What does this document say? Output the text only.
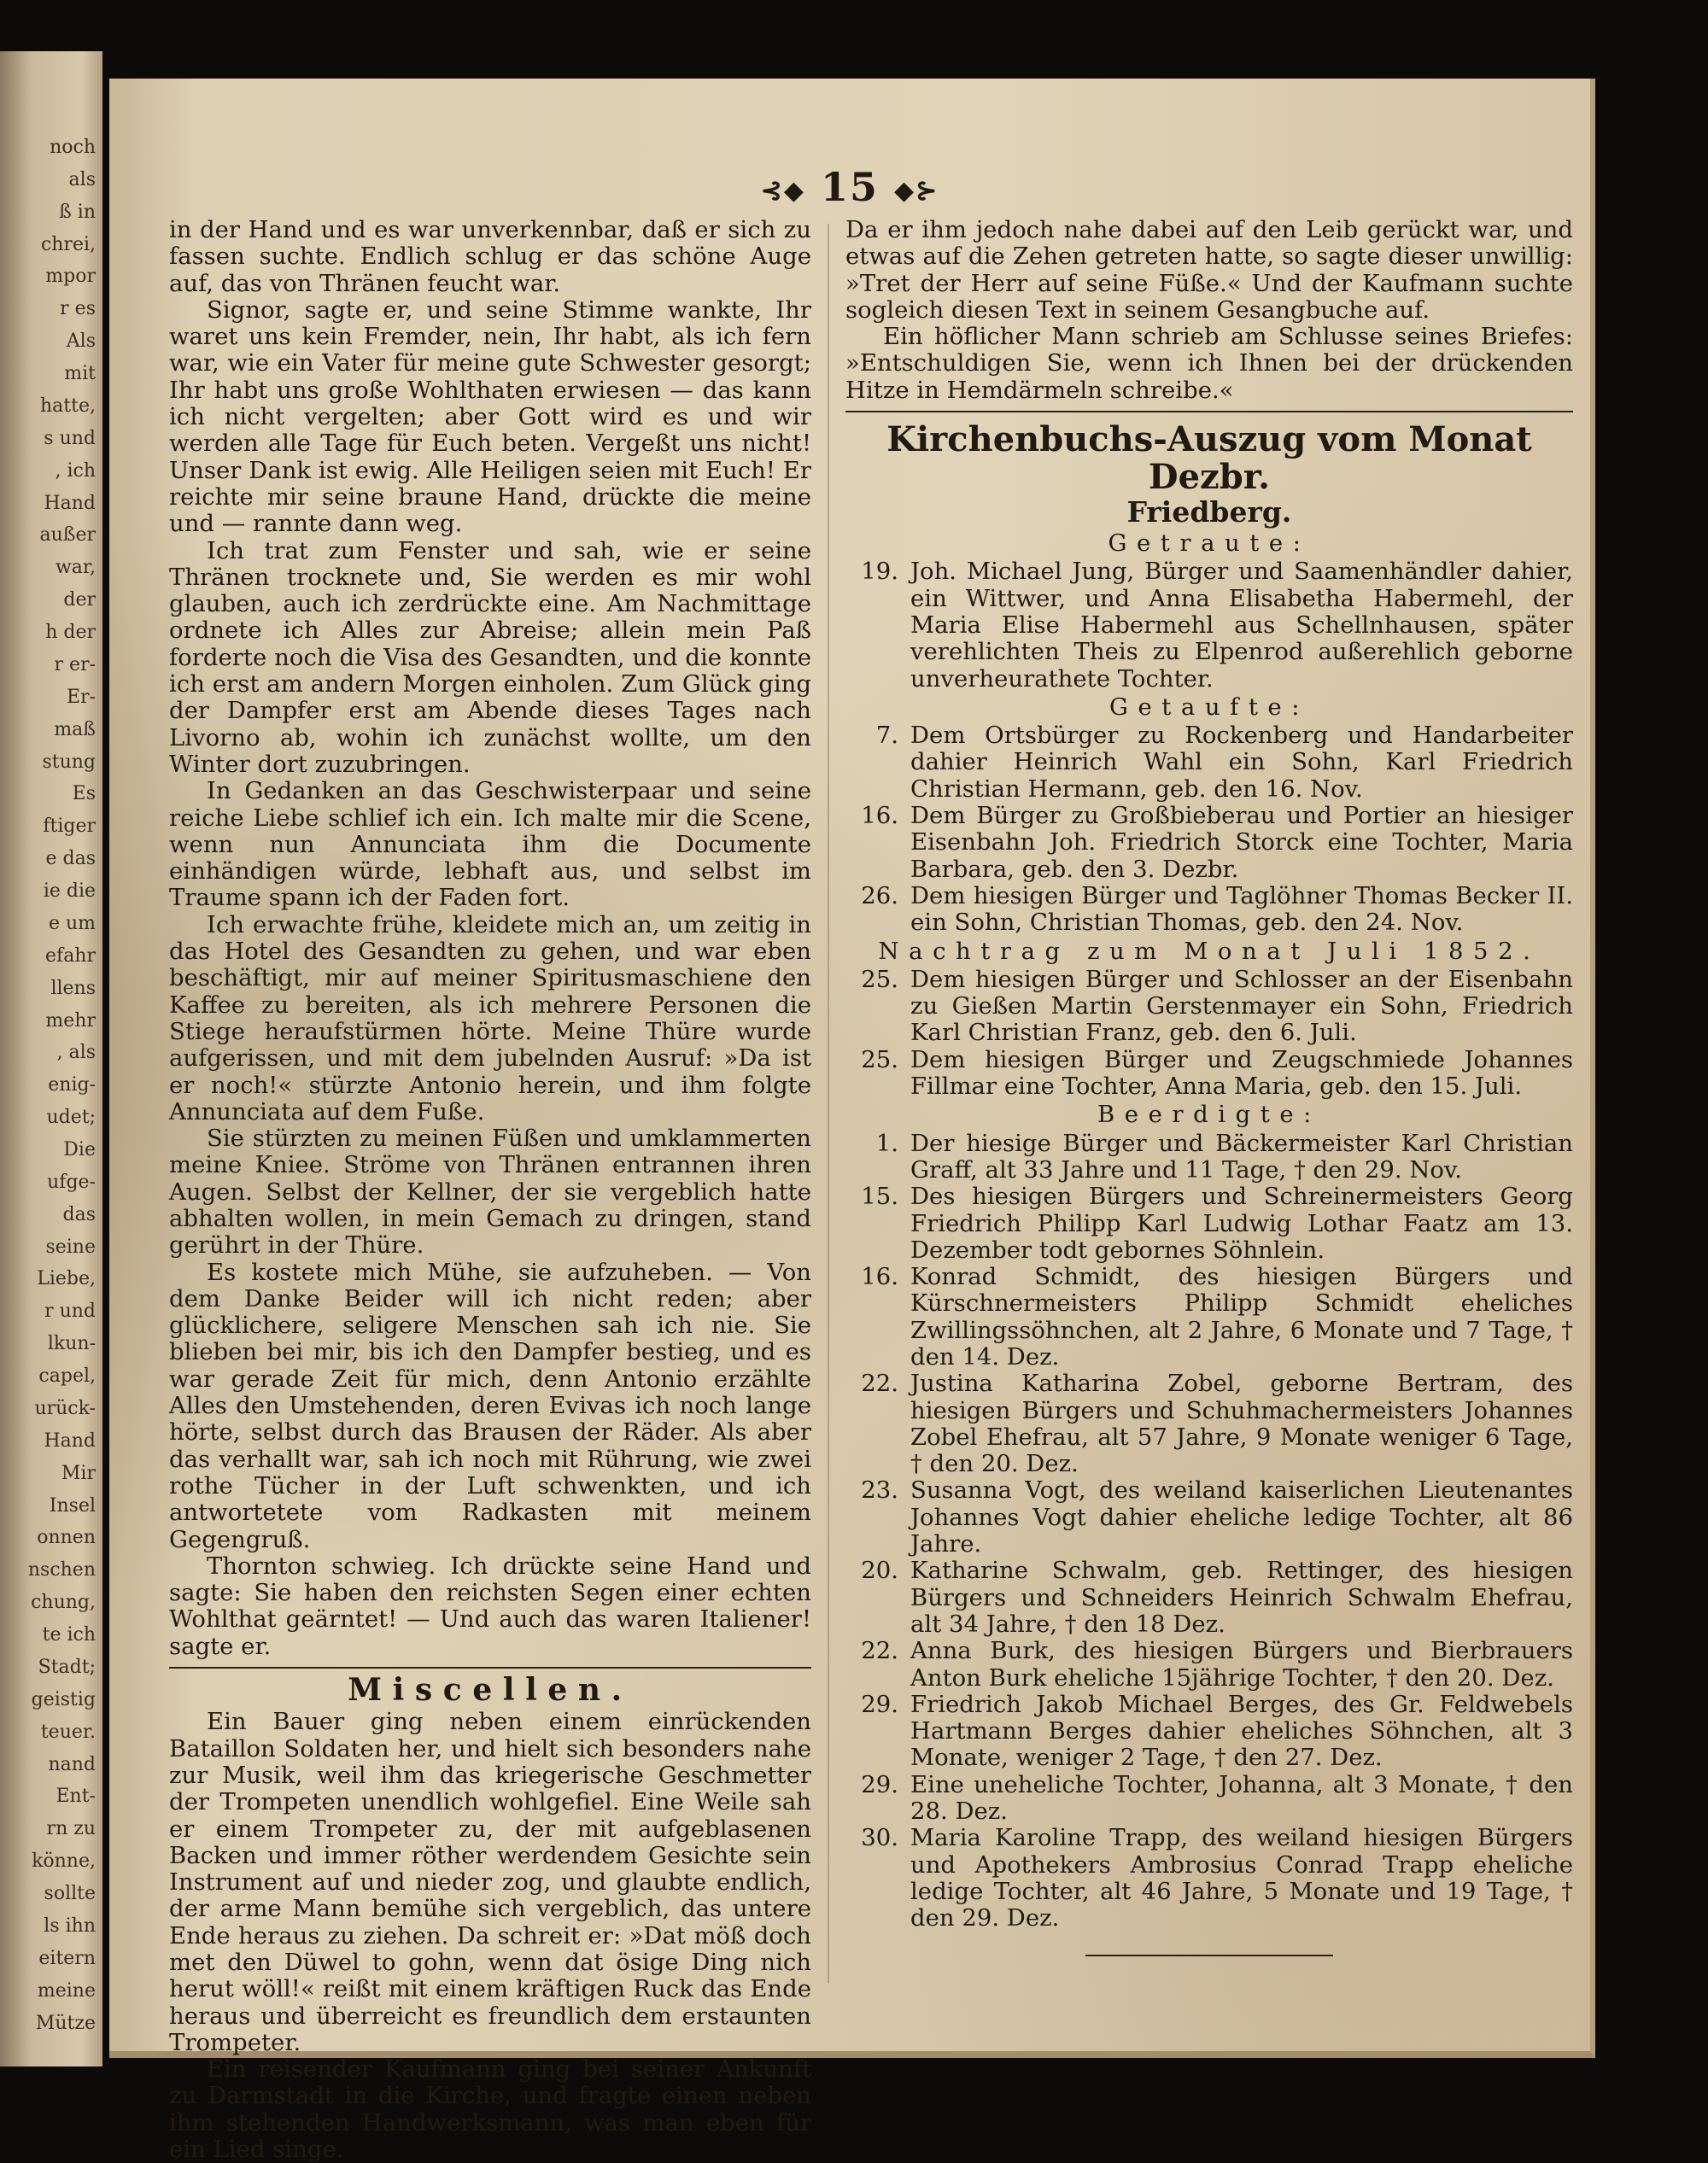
noch
als
ß in
chrei,
mpor
r es
Als
mit
hatte,
s und
, ich
Hand
außer
war,
der
h der
r er-
Er-
maß
stung
Es
ftiger
e das
ie die
e um
efahr
llens
mehr
, als
enig-
udet;
Die
ufge-
das
seine
Liebe,
r und
lkun-
capel,
urück-
Hand
Mir
Insel
onnen
nschen
chung,
te ich
Stadt;
geistig
teuer.
nand
Ent-
rn zu
könne,
sollte
ls ihn
eitern
meine
Mütze
⊰◆ 15 ◆⊱

in der Hand und es war unverkennbar, daß er sich zu fassen suchte. Endlich schlug er das schöne Auge auf, das von Thränen feucht war.

Signor, sagte er, und seine Stimme wankte, Ihr waret uns kein Fremder, nein, Ihr habt, als ich fern war, wie ein Vater für meine gute Schwester gesorgt; Ihr habt uns große Wohlthaten erwiesen — das kann ich nicht vergelten; aber Gott wird es und wir werden alle Tage für Euch beten. Vergeßt uns nicht! Unser Dank ist ewig. Alle Heiligen seien mit Euch! Er reichte mir seine braune Hand, drückte die meine und — rannte dann weg.

Ich trat zum Fenster und sah, wie er seine Thränen trocknete und, Sie werden es mir wohl glauben, auch ich zerdrückte eine. Am Nachmittage ordnete ich Alles zur Abreise; allein mein Paß forderte noch die Visa des Gesandten, und die konnte ich erst am andern Morgen einholen. Zum Glück ging der Dampfer erst am Abende dieses Tages nach Livorno ab, wohin ich zunächst wollte, um den Winter dort zuzubringen.

In Gedanken an das Geschwisterpaar und seine reiche Liebe schlief ich ein. Ich malte mir die Scene, wenn nun Annunciata ihm die Documente einhändigen würde, lebhaft aus, und selbst im Traume spann ich der Faden fort.

Ich erwachte frühe, kleidete mich an, um zeitig in das Hotel des Gesandten zu gehen, und war eben beschäftigt, mir auf meiner Spiritusmaschiene den Kaffee zu bereiten, als ich mehrere Personen die Stiege heraufstürmen hörte. Meine Thüre wurde aufgerissen, und mit dem jubelnden Ausruf: »Da ist er noch!« stürzte Antonio herein, und ihm folgte Annunciata auf dem Fuße.

Sie stürzten zu meinen Füßen und umklammerten meine Kniee. Ströme von Thränen entrannen ihren Augen. Selbst der Kellner, der sie vergeblich hatte abhalten wollen, in mein Gemach zu dringen, stand gerührt in der Thüre.

Es kostete mich Mühe, sie aufzuheben. — Von dem Danke Beider will ich nicht reden; aber glücklichere, seligere Menschen sah ich nie. Sie blieben bei mir, bis ich den Dampfer bestieg, und es war gerade Zeit für mich, denn Antonio erzählte Alles den Umstehenden, deren Evivas ich noch lange hörte, selbst durch das Brausen der Räder. Als aber das verhallt war, sah ich noch mit Rührung, wie zwei rothe Tücher in der Luft schwenkten, und ich antwortetete vom Radkasten mit meinem Gegengruß.

Thornton schwieg. Ich drückte seine Hand und sagte: Sie haben den reichsten Segen einer echten Wohlthat geärntet! — Und auch das waren Italiener! sagte er.

Miscellen.

Ein Bauer ging neben einem einrückenden Bataillon Soldaten her, und hielt sich besonders nahe zur Musik, weil ihm das kriegerische Geschmetter der Trompeten unendlich wohlgefiel. Eine Weile sah er einem Trompeter zu, der mit aufgeblasenen Backen und immer röther werdendem Gesichte sein Instrument auf und nieder zog, und glaubte endlich, der arme Mann bemühe sich vergeblich, das untere Ende heraus zu ziehen. Da schreit er: »Dat möß doch met den Düwel to gohn, wenn dat ösige Ding nich herut wöll!« reißt mit einem kräftigen Ruck das Ende heraus und überreicht es freundlich dem erstaunten Trompeter.

Ein reisender Kaufmann ging bei seiner Ankunft zu Darmstadt in die Kirche, und fragte einen neben ihm stehenden Handwerksmann, was man eben für ein Lied singe.

Da er ihm jedoch nahe dabei auf den Leib gerückt war, und etwas auf die Zehen getreten hatte, so sagte dieser unwillig: »Tret der Herr auf seine Füße.« Und der Kaufmann suchte sogleich diesen Text in seinem Gesangbuche auf.

Ein höflicher Mann schrieb am Schlusse seines Briefes: »Entschuldigen Sie, wenn ich Ihnen bei der drückenden Hitze in Hemdärmeln schreibe.«

Kirchenbuchs-Auszug vom Monat Dezbr.
Friedberg.
Getraute:
19. Joh. Michael Jung, Bürger und Saamenhändler dahier, ein Wittwer, und Anna Elisabetha Habermehl, der Maria Elise Habermehl aus Schellnhausen, später verehlichten Theis zu Elpenrod außerehlich geborne unverheurathete Tochter.
Getaufte:
7. Dem Ortsbürger zu Rockenberg und Handarbeiter dahier Heinrich Wahl ein Sohn, Karl Friedrich Christian Hermann, geb. den 16. Nov.
16. Dem Bürger zu Großbieberau und Portier an hiesiger Eisenbahn Joh. Friedrich Storck eine Tochter, Maria Barbara, geb. den 3. Dezbr.
26. Dem hiesigen Bürger und Taglöhner Thomas Becker II. ein Sohn, Christian Thomas, geb. den 24. Nov.
Nachtrag zum Monat Juli 1852.
25. Dem hiesigen Bürger und Schlosser an der Eisenbahn zu Gießen Martin Gerstenmayer ein Sohn, Friedrich Karl Christian Franz, geb. den 6. Juli.
25. Dem hiesigen Bürger und Zeugschmiede Johannes Fillmar eine Tochter, Anna Maria, geb. den 15. Juli.
Beerdigte:
1. Der hiesige Bürger und Bäckermeister Karl Christian Graff, alt 33 Jahre und 11 Tage, † den 29. Nov.
15. Des hiesigen Bürgers und Schreinermeisters Georg Friedrich Philipp Karl Ludwig Lothar Faatz am 13. Dezember todt gebornes Söhnlein.
16. Konrad Schmidt, des hiesigen Bürgers und Kürschnermeisters Philipp Schmidt eheliches Zwillingssöhnchen, alt 2 Jahre, 6 Monate und 7 Tage, † den 14. Dez.
22. Justina Katharina Zobel, geborne Bertram, des hiesigen Bürgers und Schuhmachermeisters Johannes Zobel Ehefrau, alt 57 Jahre, 9 Monate weniger 6 Tage, † den 20. Dez.
23. Susanna Vogt, des weiland kaiserlichen Lieutenantes Johannes Vogt dahier eheliche ledige Tochter, alt 86 Jahre.
20. Katharine Schwalm, geb. Rettinger, des hiesigen Bürgers und Schneiders Heinrich Schwalm Ehefrau, alt 34 Jahre, † den 18 Dez.
22. Anna Burk, des hiesigen Bürgers und Bierbrauers Anton Burk eheliche 15jährige Tochter, † den 20. Dez.
29. Friedrich Jakob Michael Berges, des Gr. Feldwebels Hartmann Berges dahier eheliches Söhnchen, alt 3 Monate, weniger 2 Tage, † den 27. Dez.
29. Eine uneheliche Tochter, Johanna, alt 3 Monate, † den 28. Dez.
30. Maria Karoline Trapp, des weiland hiesigen Bürgers und Apothekers Ambrosius Conrad Trapp eheliche ledige Tochter, alt 46 Jahre, 5 Monate und 19 Tage, † den 29. Dez.
